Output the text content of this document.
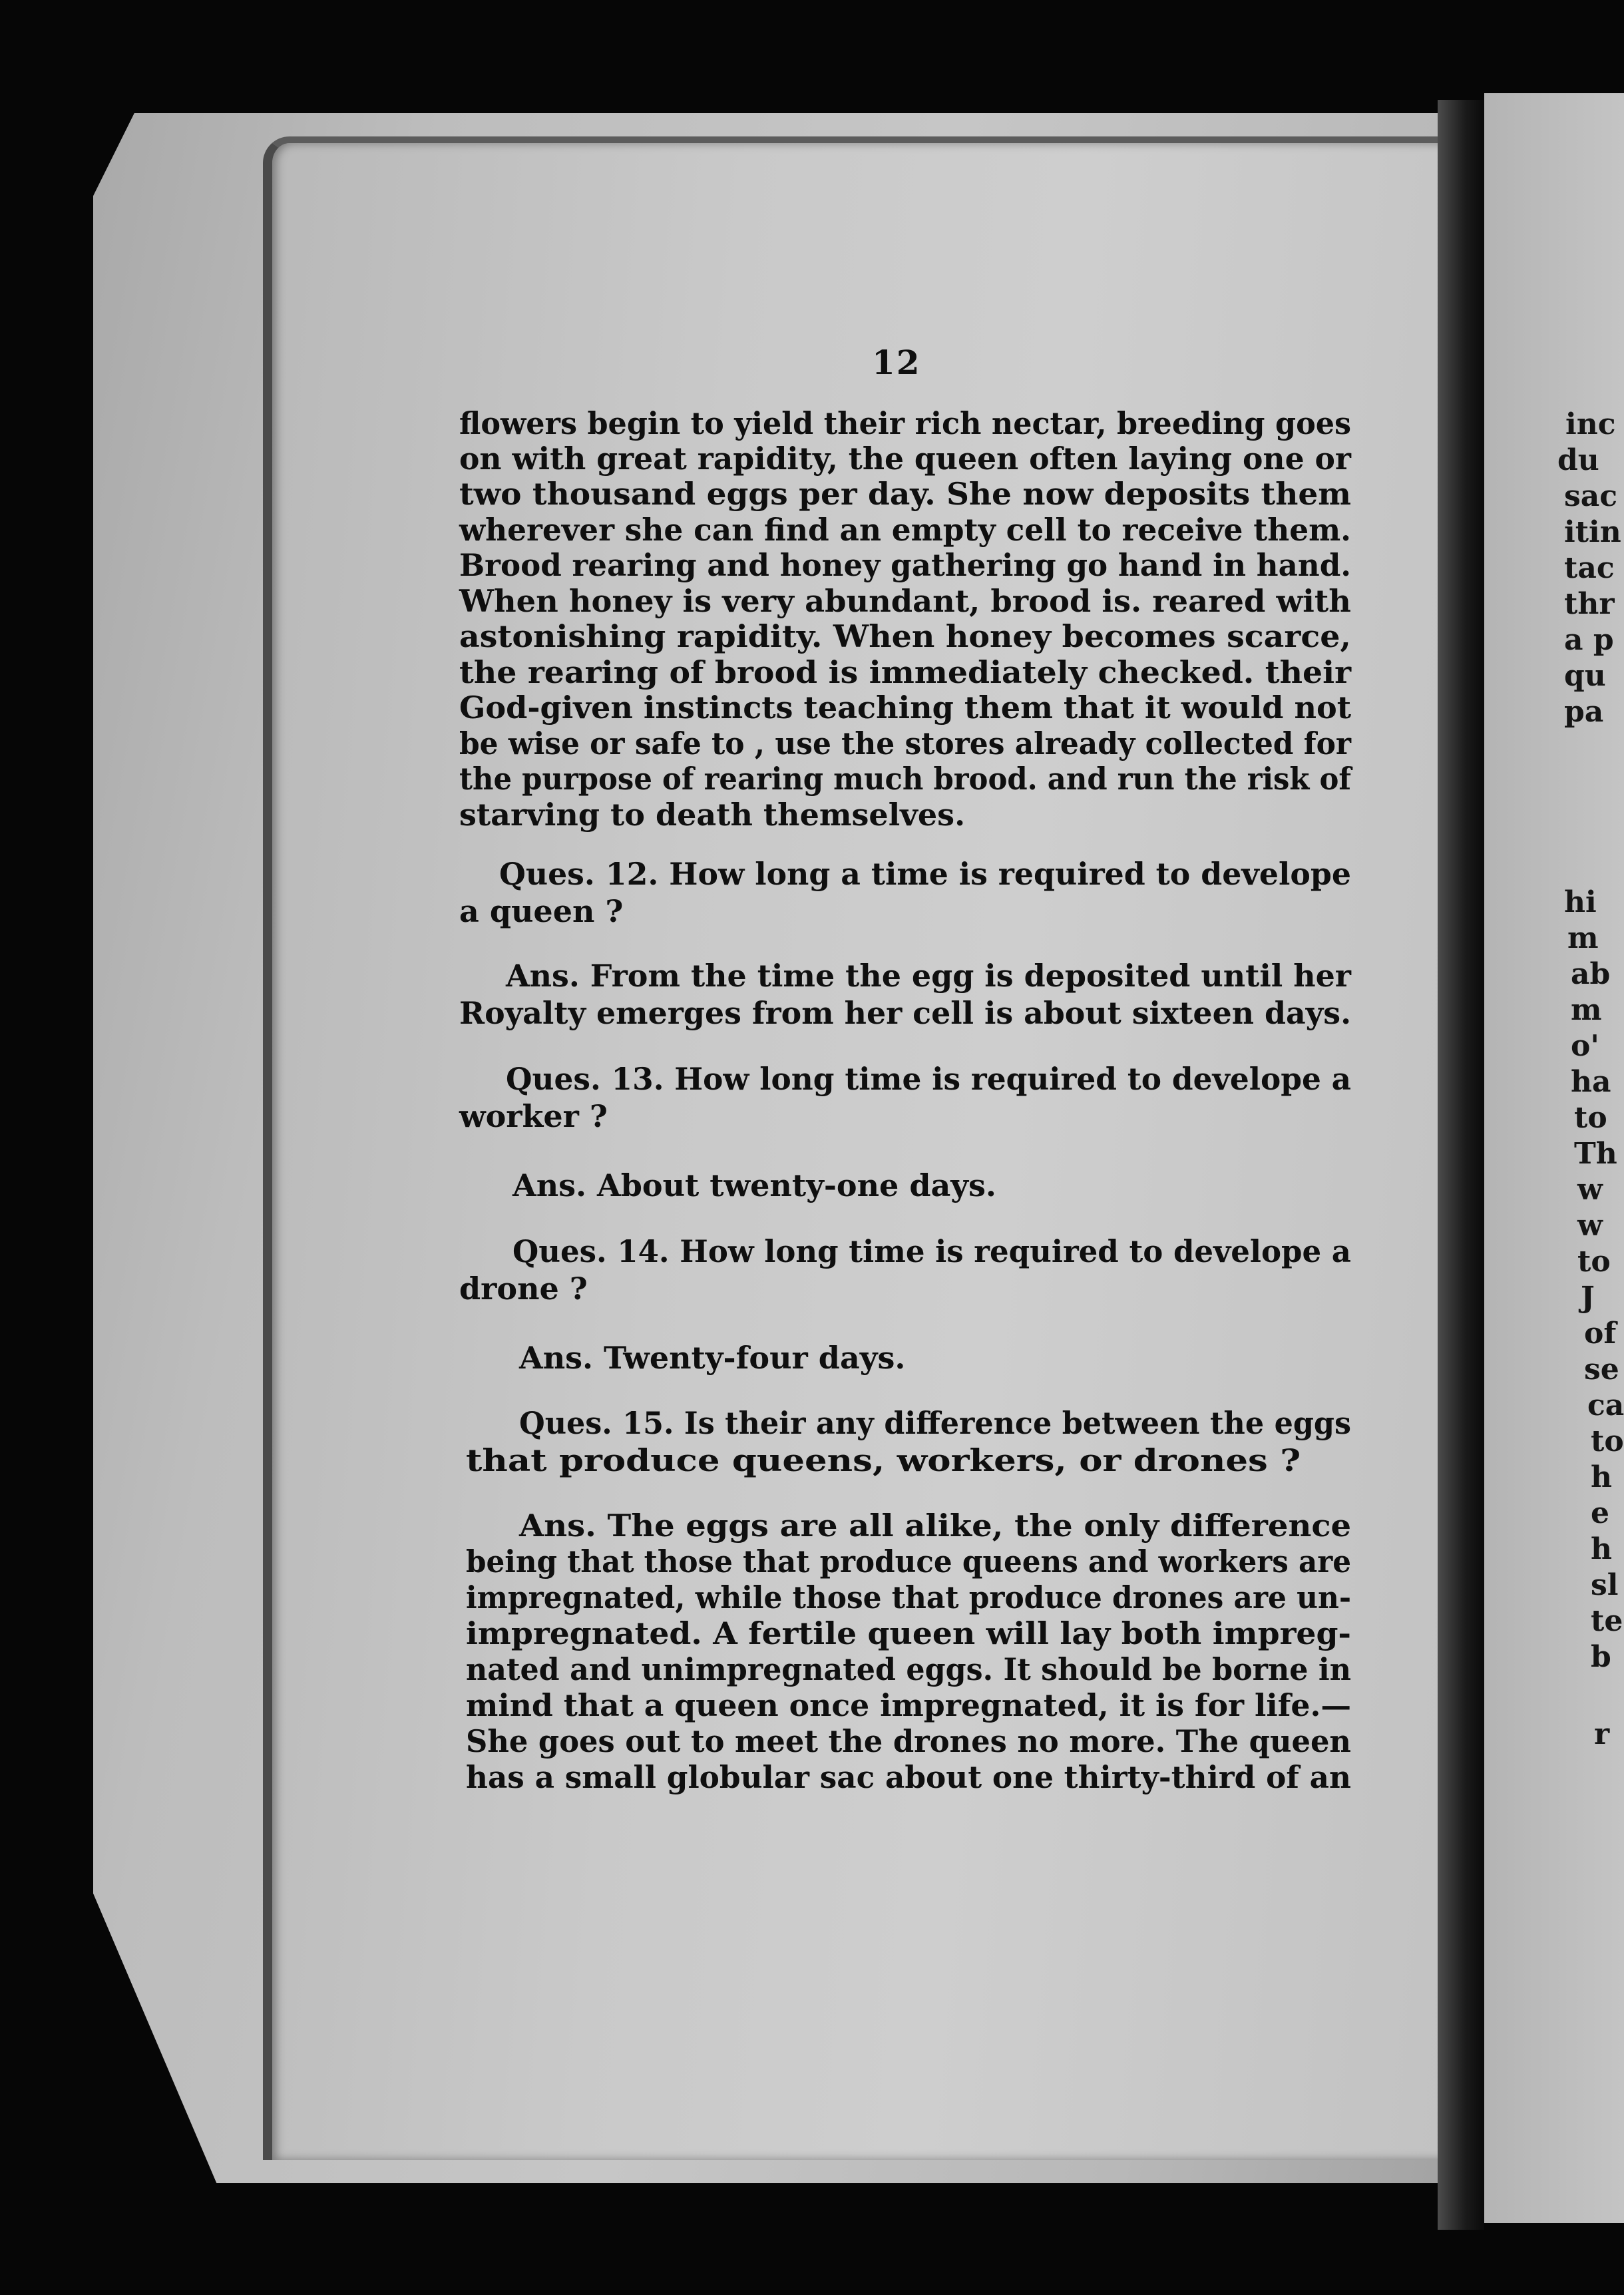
12
flowers begin to yield their rich nectar, breeding goes
on with great rapidity, the queen often laying one or
two thousand eggs per day. She now deposits them
wherever she can find an empty cell to receive them.
Brood rearing and honey gathering go hand in hand.
When honey is very abundant, brood is. reared with
astonishing rapidity. When honey becomes scarce,
the rearing of brood is immediately checked. their
God-given instincts teaching them that it would not
be wise or safe to , use the stores already collected for
the purpose of rearing much brood. and run the risk of
starving to death themselves.
Ques. 12. How long a time is required to develope
a queen ?
Ans. From the time the egg is deposited until her
Royalty emerges from her cell is about sixteen days.
Ques. 13. How long time is required to develope a
worker ?
Ans. About twenty-one days.
Ques. 14. How long time is required to develope a
drone ?
Ans. Twenty-four days.
Ques. 15. Is their any difference between the eggs
that produce queens, workers, or drones ?
Ans. The eggs are all alike, the only difference
being that those that produce queens and workers are
impregnated, while those that produce drones are un-
impregnated. A fertile queen will lay both impreg-
nated and unimpregnated eggs. It should be borne in
mind that a queen once impregnated, it is for life.—
She goes out to meet the drones no more. The queen
has a small globular sac about one thirty-third of an
inc
du
sac
itin
tac
thr
a p
qu
pa
hi
m
ab
m
o'
ha
to
Th
w
w
to
J
of
se
ca
to
h
e
h
sl
te
b
r
